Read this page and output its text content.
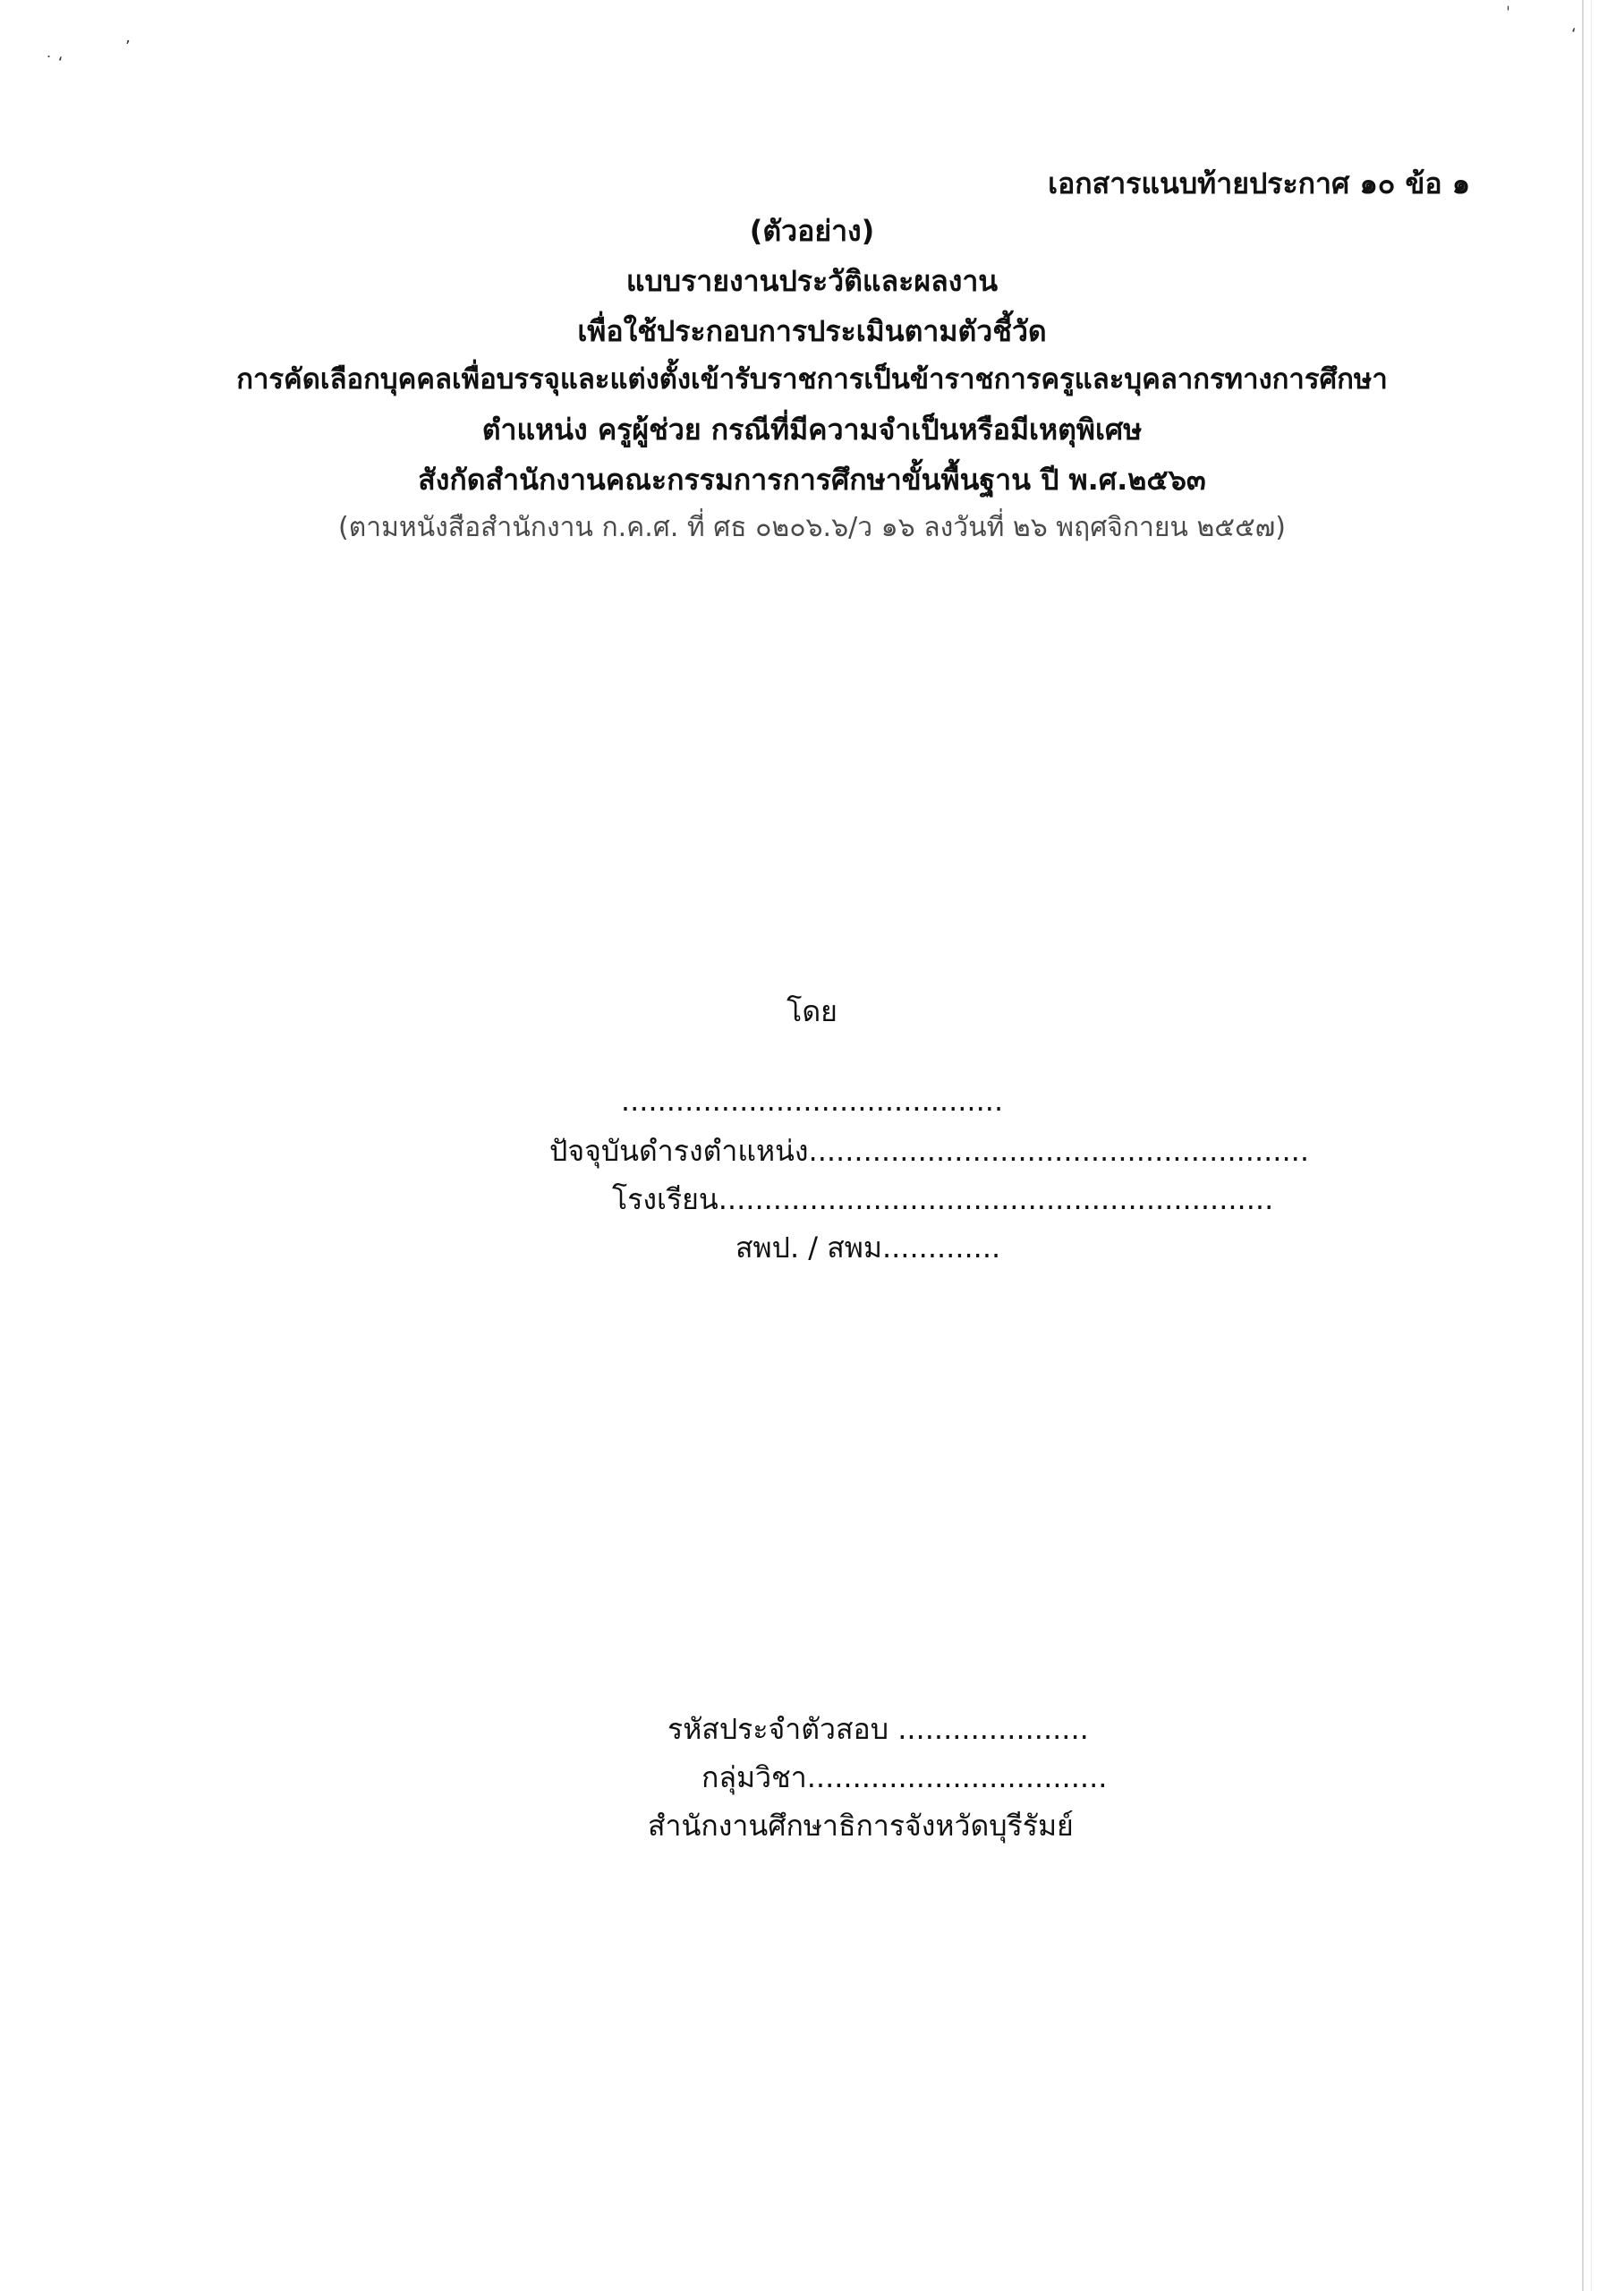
˙ ʻ
ʼ
ˈ
ʻ
เอกสารแนบท้ายประกาศ ๑๐ ข้อ ๑
(ตัวอย่าง)
แบบรายงานประวัติและผลงาน
เพื่อใช้ประกอบการประเมินตามตัวชี้วัด
การคัดเลือกบุคคลเพื่อบรรจุและแต่งตั้งเข้ารับราชการเป็นข้าราชการครูและบุคลากรทางการศึกษา
ตำแหน่ง ครูผู้ช่วย กรณีที่มีความจำเป็นหรือมีเหตุพิเศษ
สังกัดสำนักงานคณะกรรมการการศึกษาขั้นพื้นฐาน ปี พ.ศ.๒๕๖๓
(ตามหนังสือสำนักงาน ก.ค.ศ. ที่ ศธ ๐๒๐๖.๖/ว ๑๖ ลงวันที่ ๒๖ พฤศจิกายน ๒๕๕๗)
โดย
..........................................
ปัจจุบันดำรงตำแหน่ง.......................................................
โรงเรียน.............................................................
สพป. / สพม.............
รหัสประจำตัวสอบ .....................
กลุ่มวิชา.................................
สำนักงานศึกษาธิการจังหวัดบุรีรัมย์
